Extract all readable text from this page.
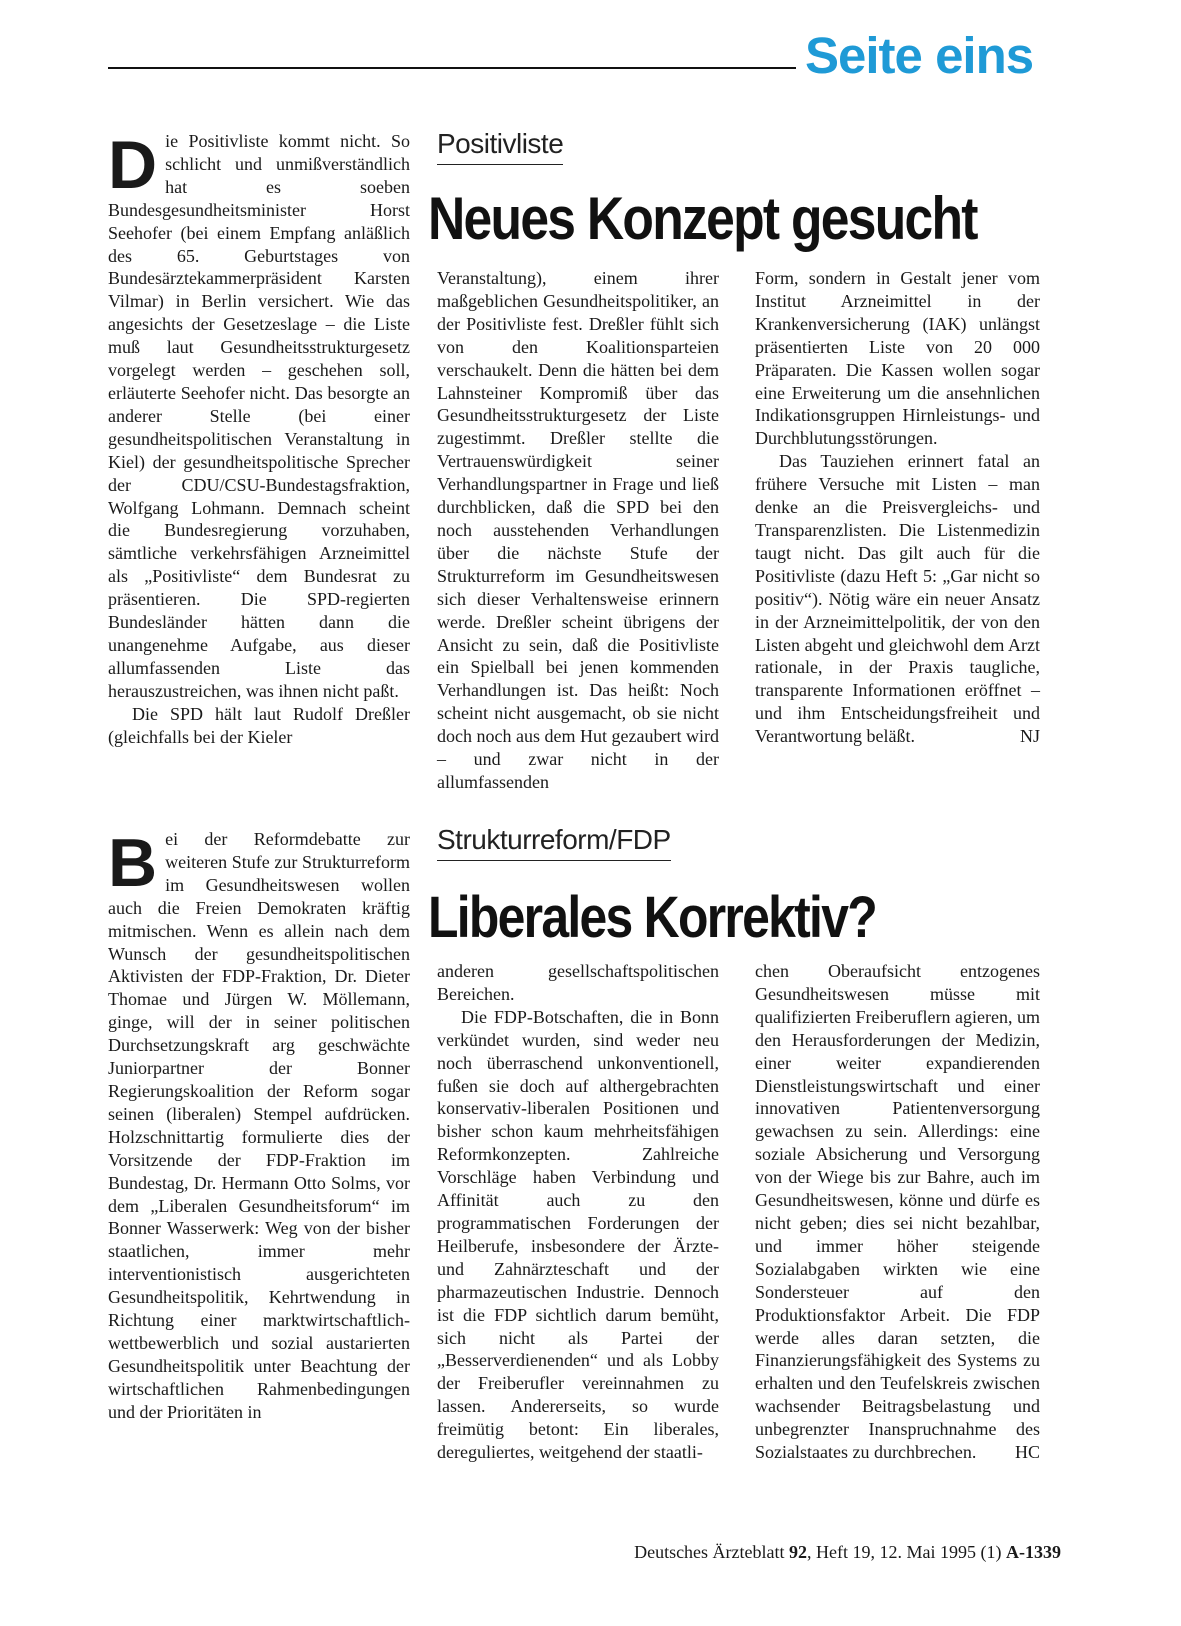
Seite eins
Positivliste
Neues Konzept gesucht

Die Positivliste kommt nicht. So schlicht und unmißverständlich hat es soeben Bundesgesundheitsminister Horst Seehofer (bei einem Empfang anläßlich des 65. Geburtstages von Bundesärztekammerpräsident Karsten Vilmar) in Berlin versichert. Wie das angesichts der Gesetzeslage – die Liste muß laut Gesundheitsstrukturgesetz vorgelegt werden – geschehen soll, erläuterte Seehofer nicht. Das besorgte an anderer Stelle (bei einer gesundheitspolitischen Veranstaltung in Kiel) der gesundheitspolitische Sprecher der CDU/CSU-Bundestagsfraktion, Wolfgang Lohmann. Demnach scheint die Bundesregierung vorzuhaben, sämtliche verkehrsfähigen Arzneimittel als „Positivliste“ dem Bundesrat zu präsentieren. Die SPD-regierten Bundesländer hätten dann die unangenehme Aufgabe, aus dieser allumfassenden Liste das herauszustreichen, was ihnen nicht paßt.

Die SPD hält laut Rudolf Dreßler (gleichfalls bei der Kieler

Veranstaltung), einem ihrer maßgeblichen Gesundheitspolitiker, an der Positivliste fest. Dreßler fühlt sich von den Koalitionsparteien verschaukelt. Denn die hätten bei dem Lahnsteiner Kompromiß über das Gesundheitsstrukturgesetz der Liste zugestimmt. Dreßler stellte die Vertrauenswürdigkeit seiner Verhandlungspartner in Frage und ließ durchblicken, daß die SPD bei den noch ausstehenden Verhandlungen über die nächste Stufe der Strukturreform im Gesundheitswesen sich dieser Verhaltensweise erinnern werde. Dreßler scheint übrigens der Ansicht zu sein, daß die Positivliste ein Spielball bei jenen kommenden Verhandlungen ist. Das heißt: Noch scheint nicht ausgemacht, ob sie nicht doch noch aus dem Hut gezaubert wird – und zwar nicht in der allumfassenden

Form, sondern in Gestalt jener vom Institut Arzneimittel in der Krankenversicherung (IAK) unlängst präsentierten Liste von 20 000 Präparaten. Die Kassen wollen sogar eine Erweiterung um die ansehnlichen Indikationsgruppen Hirnleistungs- und Durchblutungsstörungen.

Das Tauziehen erinnert fatal an frühere Versuche mit Listen – man denke an die Preisvergleichs- und Transparenzlisten. Die Listenmedizin taugt nicht. Das gilt auch für die Positivliste (dazu Heft 5: „Gar nicht so positiv“). Nötig wäre ein neuer Ansatz in der Arzneimittelpolitik, der von den Listen abgeht und gleichwohl dem Arzt rationale, in der Praxis taugliche, transparente Informationen eröffnet – und ihm Entscheidungsfreiheit und Verantwortung beläßt.	NJ

Strukturreform/FDP
Liberales Korrektiv?

Bei der Reformdebatte zur weiteren Stufe zur Strukturreform im Gesundheitswesen wollen auch die Freien Demokraten kräftig mitmischen. Wenn es allein nach dem Wunsch der gesundheitspolitischen Aktivisten der FDP-Fraktion, Dr. Dieter Thomae und Jürgen W. Möllemann, ginge, will der in seiner politischen Durchsetzungskraft arg geschwächte Juniorpartner der Bonner Regierungskoalition der Reform sogar seinen (liberalen) Stempel aufdrücken. Holzschnittartig formulierte dies der Vorsitzende der FDP-Fraktion im Bundestag, Dr. Hermann Otto Solms, vor dem „Liberalen Gesundheitsforum“ im Bonner Wasserwerk: Weg von der bisher staatlichen, immer mehr interventionistisch ausgerichteten Gesundheitspolitik, Kehrtwendung in Richtung einer marktwirtschaftlich-wettbewerblich und sozial austarierten Gesundheitspolitik unter Beachtung der wirtschaftlichen Rahmenbedingungen und der Prioritäten in

anderen gesellschaftspolitischen Bereichen.

Die FDP-Botschaften, die in Bonn verkündet wurden, sind weder neu noch überraschend unkonventionell, fußen sie doch auf althergebrachten konservativ-liberalen Positionen und bisher schon kaum mehrheitsfähigen Reformkonzepten. Zahlreiche Vorschläge haben Verbindung und Affinität auch zu den programmatischen Forderungen der Heilberufe, insbesondere der Ärzte- und Zahnärzteschaft und der pharmazeutischen Industrie. Dennoch ist die FDP sichtlich darum bemüht, sich nicht als Partei der „Besserverdienenden“ und als Lobby der Freiberufler vereinnahmen zu lassen. Andererseits, so wurde freimütig betont: Ein liberales, dereguliertes, weitgehend der staatli-

chen Oberaufsicht entzogenes Gesundheitswesen müsse mit qualifizierten Freiberuflern agieren, um den Herausforderungen der Medizin, einer weiter expandierenden Dienstleistungswirtschaft und einer innovativen Patientenversorgung gewachsen zu sein. Allerdings: eine soziale Absicherung und Versorgung von der Wiege bis zur Bahre, auch im Gesundheitswesen, könne und dürfe es nicht geben; dies sei nicht bezahlbar, und immer höher steigende Sozialabgaben wirkten wie eine Sondersteuer auf den Produktionsfaktor Arbeit. Die FDP werde alles daran setzten, die Finanzierungsfähigkeit des Systems zu erhalten und den Teufelskreis zwischen wachsender Beitragsbelastung und unbegrenzter Inanspruchnahme des Sozialstaates zu durchbrechen. HC

Deutsches Ärzteblatt 92, Heft 19, 12. Mai 1995 (1) A-1339
